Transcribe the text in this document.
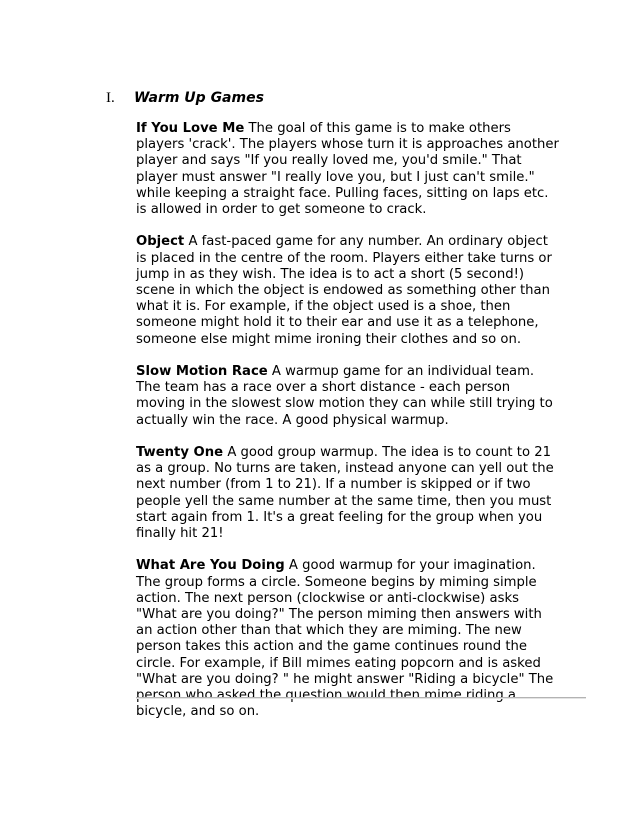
I. Warm Up Games
If You Love Me The goal of this game is to make others
players 'crack'. The players whose turn it is approaches another
player and says "If you really loved me, you'd smile." That
player must answer "I really love you, but I just can't smile."
while keeping a straight face. Pulling faces, sitting on laps etc.
is allowed in order to get someone to crack.
Object A fast-paced game for any number. An ordinary object
is placed in the centre of the room. Players either take turns or
jump in as they wish. The idea is to act a short (5 second!)
scene in which the object is endowed as something other than
what it is. For example, if the object used is a shoe, then
someone might hold it to their ear and use it as a telephone,
someone else might mime ironing their clothes and so on.
Slow Motion Race A warmup game for an individual team.
The team has a race over a short distance - each person
moving in the slowest slow motion they can while still trying to
actually win the race. A good physical warmup.
Twenty One A good group warmup. The idea is to count to 21
as a group. No turns are taken, instead anyone can yell out the
next number (from 1 to 21). If a number is skipped or if two
people yell the same number at the same time, then you must
start again from 1. It's a great feeling for the group when you
finally hit 21!
What Are You Doing A good warmup for your imagination.
The group forms a circle. Someone begins by miming simple
action. The next person (clockwise or anti-clockwise) asks
"What are you doing?" The person miming then answers with
an action other than that which they are miming. The new
person takes this action and the game continues round the
circle. For example, if Bill mimes eating popcorn and is asked
"What are you doing? " he might answer "Riding a bicycle" The
person who asked the question would then mime riding a
bicycle, and so on.
